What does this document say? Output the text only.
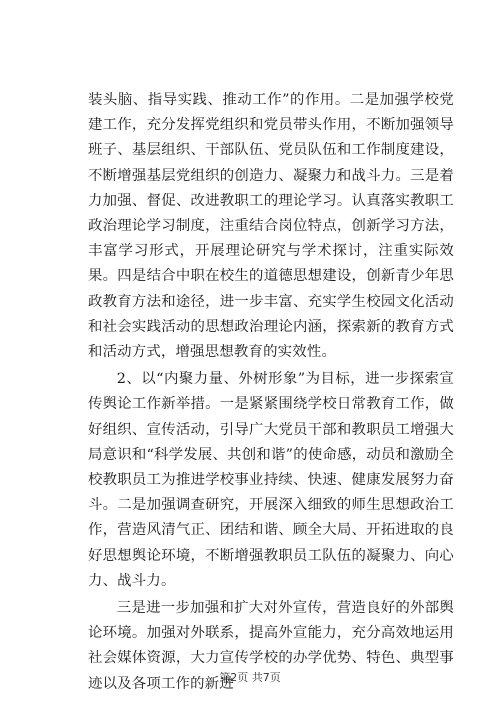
装头脑、指导实践、推动工作”的作用。二是加强学校党建工作，充分发挥党组织和党员带头作用，不断加强领导班子、基层组织、干部队伍、党员队伍和工作制度建设，不断增强基层党组织的创造力、凝聚力和战斗力。三是着力加强、督促、改进教职工的理论学习。认真落实教职工政治理论学习制度，注重结合岗位特点，创新学习方法，丰富学习形式，开展理论研究与学术探讨，注重实际效果。四是结合中职在校生的道德思想建设，创新青少年思政教育方法和途径，进一步丰富、充实学生校园文化活动和社会实践活动的思想政治理论内涵，探索新的教育方式和活动方式，增强思想教育的实效性。

2、以“内聚力量、外树形象”为目标，进一步探索宣传舆论工作新举措。一是紧紧围绕学校日常教育工作，做好组织、宣传活动，引导广大党员干部和教职员工增强大局意识和“科学发展、共创和谐”的使命感，动员和激励全校教职员工为推进学校事业持续、快速、健康发展努力奋斗。二是加强调查研究，开展深入细致的师生思想政治工作，营造风清气正、团结和谐、顾全大局、开拓进取的良好思想舆论环境，不断增强教职员工队伍的凝聚力、向心力、战斗力。

三是进一步加强和扩大对外宣传，营造良好的外部舆论环境。加强对外联系，提高外宣能力，充分高效地运用社会媒体资源，大力宣传学校的办学优势、特色、典型事迹以及各项工作的新进

第2页 共7页
